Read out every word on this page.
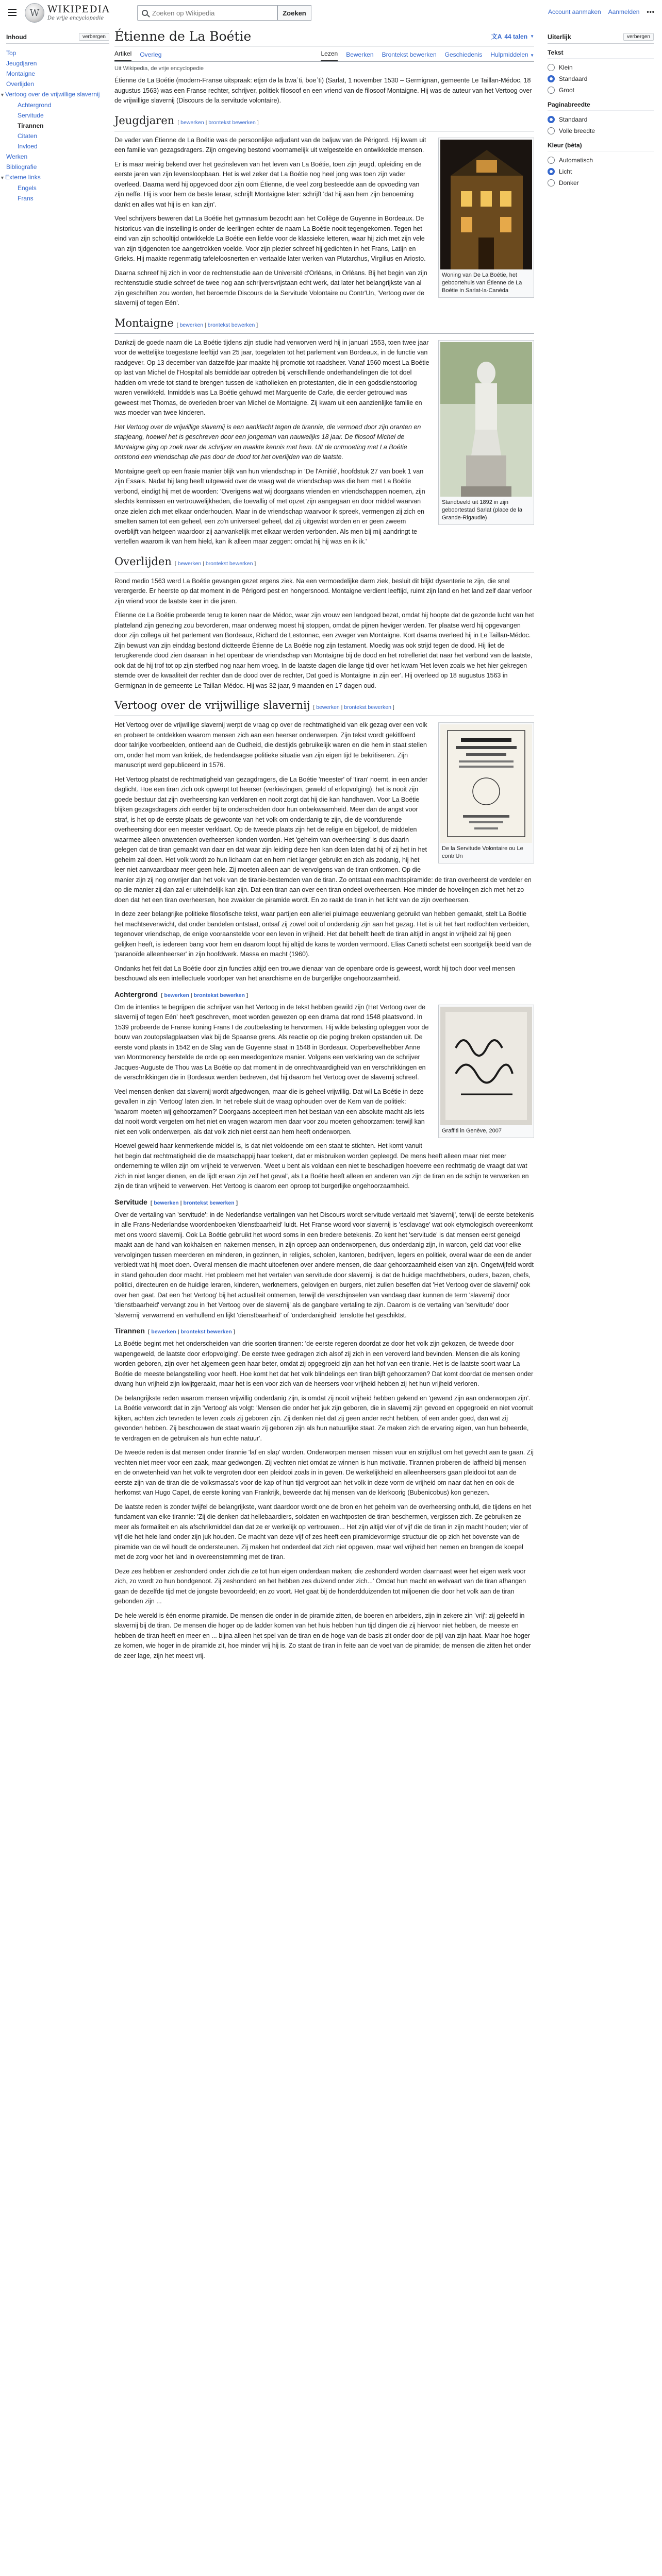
W WIKIPEDIA
De vrije encyclopedie
Zoeken op Wikipedia
Zoeken	Account aanmaken Aanmelden •••
Inhoud	verbergen
Top
Jeugdjaren
Montaigne
Overlijden
▼Vertoog over de vrijwillige slavernij
Achtergrond
Servitude
Tirannen
Citaten
Invloed
Werken
Bibliografie
▼Externe links
Engels
Frans
Étienne de La Boétie	文A 44 talen ▼
Artikel Overleg	Lezen Bewerken Brontekst bewerken Geschiedenis Hulpmiddelen ▼
Uit Wikipedia, de vrije encyclopedie

Étienne de La Boétie (modern-Franse uitspraak: etjɛn də la bwaˈti, bʊeˈti) (Sarlat, 1 november 1530 – Germignan, gemeente Le Taillan-Médoc, 18 augustus 1563) was een Franse rechter, schrijver, politiek filosoof en een vriend van de filosoof Montaigne. Hij was de auteur van het Vertoog over de vrijwillige slavernij (Discours de la servitude volontaire).

Jeugdjaren [ bewerken | brontekst bewerken ]
Woning van De La Boétie, het geboortehuis van Étienne de La Boétie in Sarlat-la-Canéda

De vader van Étienne de La Boétie was de persoonlijke adjudant van de baljuw van de Périgord. Hij kwam uit een familie van gezagsdragers. Zijn omgeving bestond voornamelijk uit welgestelde en ontwikkelde mensen.

Er is maar weinig bekend over het gezinsleven van het leven van La Boétie, toen zijn jeugd, opleiding en de eerste jaren van zijn levensloopbaan. Het is wel zeker dat La Boétie nog heel jong was toen zijn vader overleed. Daarna werd hij opgevoed door zijn oom Étienne, die veel zorg besteedde aan de opvoeding van zijn neffe. Hij is voor hem de beste leraar, schrijft Montaigne later: schrijft 'dat hij aan hem zijn benoeming dankt en alles wat hij is en kan zijn'.

Veel schrijvers beweren dat La Boétie het gymnasium bezocht aan het Collège de Guyenne in Bordeaux. De historicus van die instelling is onder de leerlingen echter de naam La Boétie nooit tegengekomen. Tegen het eind van zijn schooltijd ontwikkelde La Boétie een liefde voor de klassieke letteren, waar hij zich met zijn vele van zijn tijdgenoten toe aangetrokken voelde. Voor zijn plezier schreef hij gedichten in het Frans, Latijn en Grieks. Hij maakte regenmatig tafeleloosnerten en vertaalde later werken van Plutarchus, Virgilius en Ariosto.

Daarna schreef hij zich in voor de rechtenstudie aan de Université d'Orléans, in Orléans. Bij het begin van zijn rechtenstudie studie schreef de twee nog aan schrijversvrijstaan echt werk, dat later het belangrijkste van al zijn geschriften zou worden, het beroemde Discours de la Servitude Volontaire ou Contr'Un, 'Vertoog over de slavernij of tegen Eén'.

Montaigne [ bewerken | brontekst bewerken ]
Standbeeld uit 1892 in zijn geboortestad Sarlat (place de la Grande-Rigaudie)

Dankzij de goede naam die La Boétie tijdens zijn studie had verworven werd hij in januari 1553, toen twee jaar voor de wettelijke toegestane leeftijd van 25 jaar, toegelaten tot het parlement van Bordeaux, in de functie van raadgever. Op 13 december van datzelfde jaar maakte hij promotie tot raadsheer. Vanaf 1560 moest La Boétie op last van Michel de l'Hospital als bemiddelaar optreden bij verschillende onderhandelingen die tot doel hadden om vrede tot stand te brengen tussen de katholieken en protestanten, die in een godsdienstoorlog waren verwikkeld. Inmiddels was La Boétie gehuwd met Marguerite de Carle, die eerder getrouwd was geweest met Thomas, de overleden broer van Michel de Montaigne. Zij kwam uit een aanzienlijke familie en was moeder van twee kinderen.

Het Vertoog over de vrijwillige slavernij is een aanklacht tegen de tirannie, die vermoed door zijn oranten en stapjeang, hoewel het is geschreven door een jongeman van nauwelijks 18 jaar. De filosoof Michel de Montaigne ging op zoek naar de schrijver en maakte kennis met hem. Uit de ontmoeting met La Boétie ontstond een vriendschap die pas door de dood tot het overlijden van de laatste.

Montaigne geeft op een fraaie manier blijk van hun vriendschap in 'De l'Amitié', hoofdstuk 27 van boek 1 van zijn Essais. Nadat hij lang heeft uitgeweid over de vraag wat de vriendschap was die hem met La Boétie verbond, eindigt hij met de woorden: 'Overigens wat wij doorgaans vrienden en vriendschappen noemen, zijn slechts kennissen en vertrouwelijkheden, die toevallig of met opzet zijn aangegaan en door middel waarvan onze zielen zich met elkaar onderhouden. Maar in de vriendschap waarvoor ik spreek, vermengen zij zich en smelten samen tot een geheel, een zo'n universeel geheel, dat zij uitgewist worden en er geen zweem overblijft van hetgeen waardoor zij aanvankelijk met elkaar werden verbonden. Als men bij mij aandringt te vertellen waarom ik van hem hield, kan ik alleen maar zeggen: omdat hij hij was en ik ik.'

Overlijden [ bewerken | brontekst bewerken ]

Rond medio 1563 werd La Boétie gevangen gezet ergens ziek. Na een vermoedelijke darm ziek, besluit dit blijkt dysenterie te zijn, die snel verergerde. Er heerste op dat moment in de Périgord pest en hongersnood. Montaigne verdient leeftijd, ruimt zijn land en het land zelf daar verloor zijn vriend voor de laatste keer in die jaren.

Étienne de La Boétie probeerde terug te keren naar de Médoc, waar zijn vrouw een landgoed bezat, omdat hij hoopte dat de gezonde lucht van het platteland zijn genezing zou bevorderen, maar onderweg moest hij stoppen, omdat de pijnen heviger werden. Ter plaatse werd hij opgevangen door zijn collega uit het parlement van Bordeaux, Richard de Lestonnac, een zwager van Montaigne. Kort daarna overleed hij in Le Taillan-Médoc. Zijn bewust van zijn einddag bestond dictteerde Étienne de La Boétie nog zijn testament. Moedig was ook strijd tegen de dood. Hij liet de terugkerende dood zien daaraan in het openbaar de vriendschap van Montaigne bij de dood en het rotrelleriet dat naar het verbond van de laatste, ook dat de hij trof tot op zijn sterfbed nog naar hem vroeg. In de laatste dagen die lange tijd over het kwam 'Het leven zoals we het hier gekregen stemde over de kwaaliteit der rechter dan de dood over de rechter, Dat goed is Montaigne in zijn eer'. Hij overleed op 18 augustus 1563 in Germignan in de gemeente Le Taillan-Médoc. Hij was 32 jaar, 9 maanden en 17 dagen oud.

Vertoog over de vrijwillige slavernij [ bewerken | brontekst bewerken ]
De la Servitude Volontaire ou Le contr'Un

Het Vertoog over de vrijwillige slavernij werpt de vraag op over de rechtmatigheid van elk gezag over een volk en probeert te ontdekken waarom mensen zich aan een heerser onderwerpen. Zijn tekst wordt gekitlfoerd door talrijke voorbeelden, ontleend aan de Oudheid, die destijds gebruikelijk waren en die hem in staat stellen om, onder het mom van kritiek, de hedendaagse politieke situatie van zijn eigen tijd te bekritiseren. Zijn manuscript werd gepubliceerd in 1576.

Het Vertoog plaatst de rechtmatigheid van gezagdragers, die La Boétie 'meester' of 'tiran' noemt, in een ander daglicht. Hoe een tiran zich ook opwerpt tot heerser (verkiezingen, geweld of erfopvolging), het is nooit zijn goede bestuur dat zijn overheersing kan verklaren en nooit zorgt dat hij die kan handhaven. Voor La Boétie blijken gezagsdragers zich eerder bij te onderscheiden door hun onbekwaamheid. Meer dan de angst voor straf, is het op de eerste plaats de gewoonte van het volk om onderdanig te zijn, die de voortdurende overheersing door een meester verklaart. Op de tweede plaats zijn het de religie en bijgeloof, de middelen waarmee alleen onwetenden overheersen konden worden. Het 'geheim van overheersing' is dus daarin gelegen dat de tiran gemaakt van daar en dat waar zijn leiding deze hen kan doen laten dat hij of zij het in het geheim zal doen. Het volk wordt zo hun lichaam dat en hem niet langer gebruikt en zich als zodanig, hij het leer niet aanvaardbaar meer geen hele. Zij moeten alleen aan de vervolgens van de tiran ontkomen. Op die manier zijn zij nog onvrijer dan het volk van de tiranie-bestemden van de tiran. Zo ontstaat een machtspiramide: de tiran overheerst de verdeler en op die manier zij dan zal er uiteindelijk kan zijn. Dat een tiran aan over een tiran ondeel overheersen. Hoe minder de hovelingen zich met het zo doen dat het een tiran overheersen, hoe zwakker de piramide wordt. En zo raakt de tiran in het licht van de zijn overheersen.

In deze zeer belangrijke politieke filosofische tekst, waar partijen een allerlei pluimage eeuwenlang gebruikt van hebben gemaakt, stelt La Boétie het machtsevenwicht, dat onder bandelen ontstaat, ontsaf zij zowel ooit of onderdanig zijn aan het gezag. Het is uit het hart rodfochten verbeiden, tegenover vriendschap, de enige vooraanstelde voor een leven in vrijheid. Het dat behelft heeft de tiran altijd in angst in vrijheid zal hij geen gelijken heeft, is iedereen bang voor hem en daarom loopt hij altijd de kans te worden vermoord. Elias Canetti schetst een soortgelijk beeld van de 'paranoïde alleenheerser' in zijn hoofdwerk. Massa en macht (1960).

Ondanks het feit dat La Boétie door zijn functies altijd een trouwe dienaar van de openbare orde is geweest, wordt hij toch door veel mensen beschouwd als een intellectuele voorloper van het anarchisme en de burgerlijke ongehoorzaamheid.

Achtergrond [ bewerken | brontekst bewerken ]
Graffiti in Genève, 2007

Om de intenties te begrijpen die schrijver van het Vertoog in de tekst hebben gewild zijn (Het Vertoog over de slavernij of tegen Eén' heeft geschreven, moet worden gewezen op een drama dat rond 1548 plaatsvond. In 1539 probeerde de Franse koning Frans I de zoutbelasting te hervormen. Hij wilde belasting opleggen voor de bouw van zoutopslagplaatsen vlak bij de Spaanse grens. Als reactie op die poging breken opstanden uit. De eerste vond plaats in 1542 en de Slag van de Guyenne staat in 1548 in Bordeaux. Opperbevelhebber Anne van Montmorency herstelde de orde op een meedogenloze manier. Volgens een verklaring van de schrijver Jacques-Auguste de Thou was La Boétie op dat moment in de onrechtvaardigheid van en verschrikkingen en de verschrikkingen die in Bordeaux werden bedreven, dat hij daarom het Vertoog over de slavernij schreef.

Veel mensen denken dat slavernij wordt afgedwongen, maar die is geheel vrijwillig. Dat wil La Boétie in deze gevallen in zijn 'Vertoog' laten zien. In het rebele sluit de vraag ophouden over de Kern van de politiek: 'waarom moeten wij gehoorzamen?' Doorgaans accepteert men het bestaan van een absolute macht als iets dat nooit wordt vergeten om het niet en vragen waarom men daar voor zou moeten gehoorzamen: terwijl kan niet een volk onderwerpen, als dat volk zich niet eerst aan hem heeft onderworpen.

Hoewel geweld haar kenmerkende middel is, is dat niet voldoende om een staat te stichten. Het komt vanuit het begin dat rechtmatigheid die de maatschappij haar toekent, dat er misbruiken worden gepleegd. De mens heeft alleen maar niet meer onderneming te willen zijn om vrijheid te verwerven. 'Weet u bent als voldaan een niet te beschadigen hoeverre een rechtmatig de vraagt dat wat zich in niet langer dienen, en de lijdt eraan zijn zelf het geval', als La Boétie heeft alleen en anderen van zijn de tiran en de schijn te verwerken en zijn de tiran vrijheid te verwerven. Het Vertoog is daarom een oproep tot burgerlijke ongehoorzaamheid.

Servitude [ bewerken | brontekst bewerken ]

Over de vertaling van 'servitude': in de Nederlandse vertalingen van het Discours wordt servitude vertaald met 'slavernij', terwijl de eerste betekenis in alle Frans-Nederlandse woordenboeken 'dienstbaarheid' luidt. Het Franse woord voor slavernij is 'esclavage' wat ook etymologisch overeenkomt met ons woord slavernij. Ook La Boétie gebruikt het woord soms in een bredere betekenis. Zo kent het 'servitude' is dat mensen eerst geneigd maakt aan de hand van kokhalsen en nakernen mensen, in zijn oproep aan onderworpenen, dus onderdanig zijn, in warcon, geld dat voor elke vervolgingen tussen meerderen en minderen, in gezinnen, in religies, scholen, kantoren, bedrijven, legers en politiek, overal waar de een de ander verbiedt wat hij moet doen. Overal mensen die macht uitoefenen over andere mensen, die daar gehoorzaamheid eisen van zijn. Ongetwijfeld wordt in stand gehouden door macht. Het probleem met het vertalen van servitude door slavernij, is dat de huidige machthebbers, ouders, bazen, chefs, politici, directeuren en de huidige leraren, kinderen, werknemers, gelovigen en burgers, niet zullen beseffen dat 'Het Vertoog over de slavernij' ook over hen gaat. Dat een 'het Vertoog' bij het actualiteit ontnemen, terwijl de verschijnselen van vandaag daar kunnen de term 'slavernij' door 'dienstbaarheid' vervangt zou in 'het Vertoog over de slavernij' als de gangbare vertaling te zijn. Daarom is de vertaling van 'servitude' door 'slavernij' verwarrend en verhullend en lijkt 'dienstbaarheid' of 'onderdanigheid' tenslotte het geschiktst.

Tirannen [ bewerken | brontekst bewerken ]

La Boétie begint met het onderscheiden van drie soorten tirannen: 'de eerste regeren doordat ze door het volk zijn gekozen, de tweede door wapengeweld, de laatste door erfopvolging'. De eerste twee gedragen zich alsof zij zich in een veroverd land bevinden. Mensen die als koning worden geboren, zijn over het algemeen geen haar beter, omdat zij opgegroeid zijn aan het hof van een tiranie. Het is de laatste soort waar La Boétie de meeste belangstelling voor heeft. Hoe komt het dat het volk blindelings een tiran blijft gehoorzamen? Dat komt doordat de mensen onder dwang hun vrijheid zijn kwijtgeraakt, maar het is een voor zich van de heersers voor vrijheid hebben zij het hun vrijheid verloren.

De belangrijkste reden waarom mensen vrijwillig onderdanig zijn, is omdat zij nooit vrijheid hebben gekend en 'gewend zijn aan onderworpen zijn'. La Boétie verwoordt dat in zijn 'Vertoog' als volgt: 'Mensen die onder het juk zijn geboren, die in slavernij zijn gevoed en opgegroeid en niet voorruit kijken, achten zich tevreden te leven zoals zij geboren zijn. Zij denken niet dat zij geen ander recht hebben, of een ander goed, dan wat zij gevonden hebben. Zij beschouwen de staat waarin zij geboren zijn als hun natuurlijke staat. Ze maken zich de ervaring eigen, van hun beheerde, te verdragen en de gebruiken als hun echte natuur'.

De tweede reden is dat mensen onder tirannie 'laf en slap' worden. Onderworpen mensen missen vuur en strijdlust om het gevecht aan te gaan. Zij vechten niet meer voor een zaak, maar gedwongen. Zij vechten niet omdat ze winnen is hun motivatie. Tirannen proberen de laffheid bij mensen en de onwetenheid van het volk te vergroten door een pleidooi zoals in in geven. De werkelijkheid en alleenheersers gaan pleidooi tot aan de eerste zijn van de tiran die de volksmassa's voor de kap of hun tijd vergroot aan het volk in deze vorm de vrijheid om naar dat hen en ook de herkomst van Hugo Capet, de eerste koning van Frankrijk, beweerde dat hij mensen van de klerkoorig (Bubenicobus) kon genezen.

De laatste reden is zonder twijfel de belangrijkste, want daardoor wordt one de bron en het geheim van de overheersing onthuld, die tijdens en het fundament van elke tirannie: 'Zij die denken dat hellebaardiers, soldaten en wachtposten de tiran beschermen, vergissen zich. Ze gebruiken ze meer als formaliteit en als afschrikmiddel dan dat ze er werkelijk op vertrouwen... Het zijn altijd vier of vijf die de tiran in zijn macht houden; vier of vijf die het hele land onder zijn juk houden. De macht van deze vijf of zes heeft een piramidevormige structuur die op zich het bovenste van de piramide van de wil houdt de ondersteunen. Zij maken het onderdeel dat zich niet opgeven, maar wel vrijheid hen nemen en brengen de koepel met de zorg voor het land in overeenstemming met de tiran.

Deze zes hebben er zeshonderd onder zich die ze tot hun eigen onderdaan maken; die zeshonderd worden daarnaast weer het eigen werk voor zich, zo wordt zo hun bondgenoot. Zij zeshonderd en het hebben zes duizend onder zich...' Omdat hun macht en welvaart van de tiran afhangen gaan de dezelfde tijd met de jongste bevoordeeld; en zo voort. Het gaat bij de honderdduizenden tot miljoenen die door het volk aan de tiran gebonden zijn ...

De hele wereld is één enorme piramide. De mensen die onder in de piramide zitten, de boeren en arbeiders, zijn in zekere zin 'vrij': zij geleefd in slavernij bij de tiran. De mensen die hoger op de ladder komen van het huis hebben hun tijd dingen die zij hiervoor niet hebben, de meeste en hebben de tiran heeft en meer en ... bijna alleen het spel van de tiran en de hoge van de basis zit onder door de pijl van zijn haat. Maar hoe hoger ze komen, wie hoger in de piramide zit, hoe minder vrij hij is. Zo staat de tiran in feite aan de voet van de piramide; de mensen die zitten het onder de zeer lage, zijn het meest vrij.

Uiterlijk	verbergen
Tekst
Klein
Standaard
Groot
Paginabreedte
Standaard
Volle breedte
Kleur (bèta)
Automatisch
Licht
Donker
